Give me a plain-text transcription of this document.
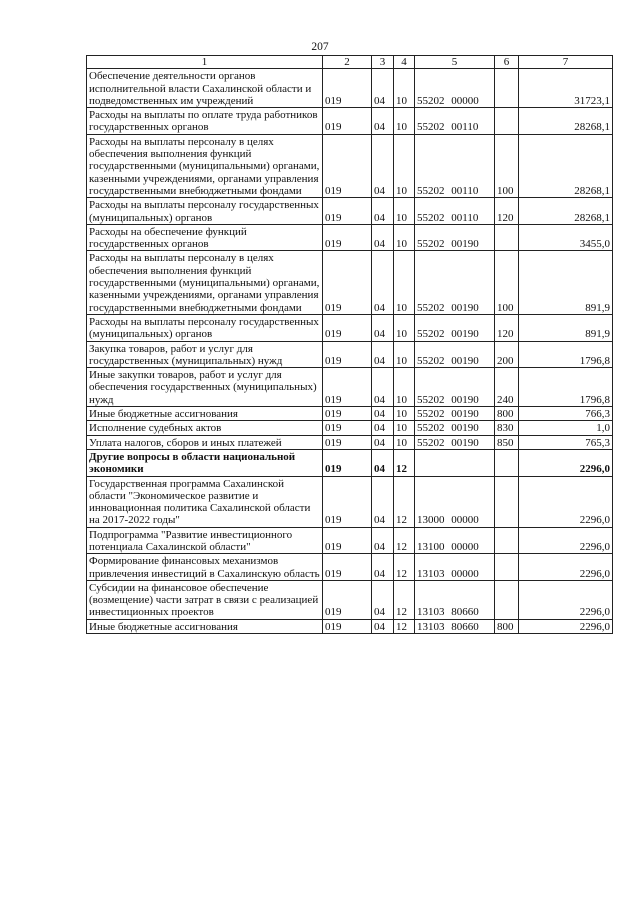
207
1	2	3	4	5	6	7
Обеспечение деятельности органов исполнительной власти Сахалинской области и подведомственных им учреждений	019	04	10	55202 00000		31723,1
Расходы на выплаты по оплате труда работников государственных органов	019	04	10	55202 00110		28268,1
Расходы на выплаты персоналу в целях обеспечения выполнения функций государственными (муниципальными) органами, казенными учреждениями, органами управления государственными внебюджетными фондами	019	04	10	55202 00110	100	28268,1
Расходы на выплаты персоналу государственных (муниципальных) органов	019	04	10	55202 00110	120	28268,1
Расходы на обеспечение функций государственных органов	019	04	10	55202 00190		3455,0
Расходы на выплаты персоналу в целях обеспечения выполнения функций государственными (муниципальными) органами, казенными учреждениями, органами управления государственными внебюджетными фондами	019	04	10	55202 00190	100	891,9
Расходы на выплаты персоналу государственных (муниципальных) органов	019	04	10	55202 00190	120	891,9
Закупка товаров, работ и услуг для государственных (муниципальных) нужд	019	04	10	55202 00190	200	1796,8
Иные закупки товаров, работ и услуг для обеспечения государственных (муниципальных) нужд	019	04	10	55202 00190	240	1796,8
Иные бюджетные ассигнования	019	04	10	55202 00190	800	766,3
Исполнение судебных актов	019	04	10	55202 00190	830	1,0
Уплата налогов, сборов и иных платежей	019	04	10	55202 00190	850	765,3
Другие вопросы в области национальной экономики	019	04	12			2296,0
Государственная программа Сахалинской области "Экономическое развитие и инновационная политика Сахалинской области на 2017-2022 годы"	019	04	12	13000 00000		2296,0
Подпрограмма "Развитие инвестиционного потенциала Сахалинской области"	019	04	12	13100 00000		2296,0
Формирование финансовых механизмов привлечения инвестиций в Сахалинскую область	019	04	12	13103 00000		2296,0
Субсидии на финансовое обеспечение (возмещение) части затрат в связи с реализацией инвестиционных проектов	019	04	12	13103 80660		2296,0
Иные бюджетные ассигнования	019	04	12	13103 80660	800	2296,0
